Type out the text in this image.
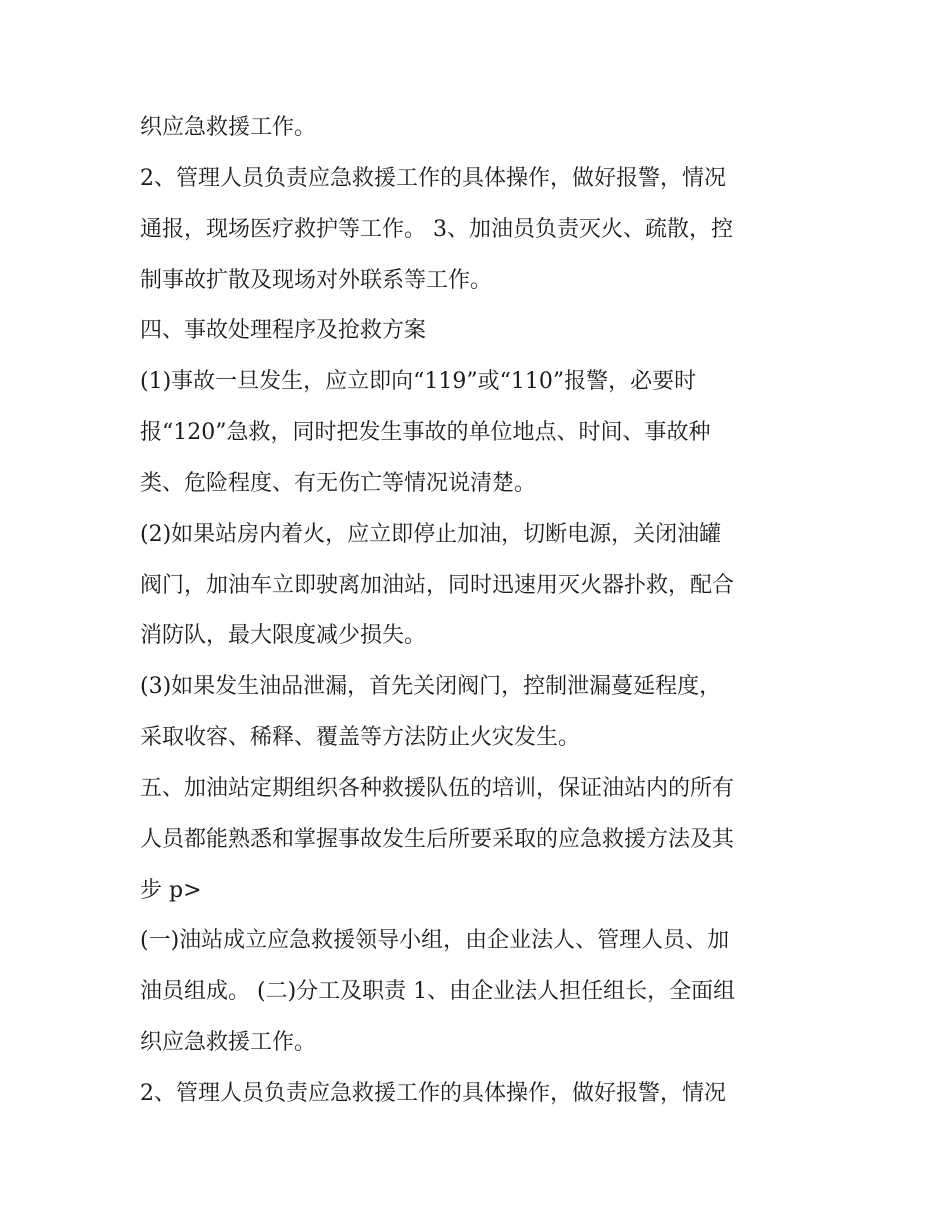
织应急救援工作。

2、管理人员负责应急救援工作的具体操作，做好报警，情况

通报，现场医疗救护等工作。 3、加油员负责灭火、疏散，控

制事故扩散及现场对外联系等工作。

四、事故处理程序及抢救方案

(1)事故一旦发生，应立即向“119”或“110”报警，必要时

报“120”急救，同时把发生事故的单位地点、时间、事故种

类、危险程度、有无伤亡等情况说清楚。

(2)如果站房内着火，应立即停止加油，切断电源，关闭油罐

阀门，加油车立即驶离加油站，同时迅速用灭火器扑救，配合

消防队，最大限度减少损失。

(3)如果发生油品泄漏，首先关闭阀门，控制泄漏蔓延程度，

采取收容、稀释、覆盖等方法防止火灾发生。

五、加油站定期组织各种救援队伍的培训，保证油站内的所有

人员都能熟悉和掌握事故发生后所要采取的应急救援方法及其

步 p>

(一)油站成立应急救援领导小组，由企业法人、管理人员、加

油员组成。 (二)分工及职责 1、由企业法人担任组长，全面组

织应急救援工作。

2、管理人员负责应急救援工作的具体操作，做好报警，情况
